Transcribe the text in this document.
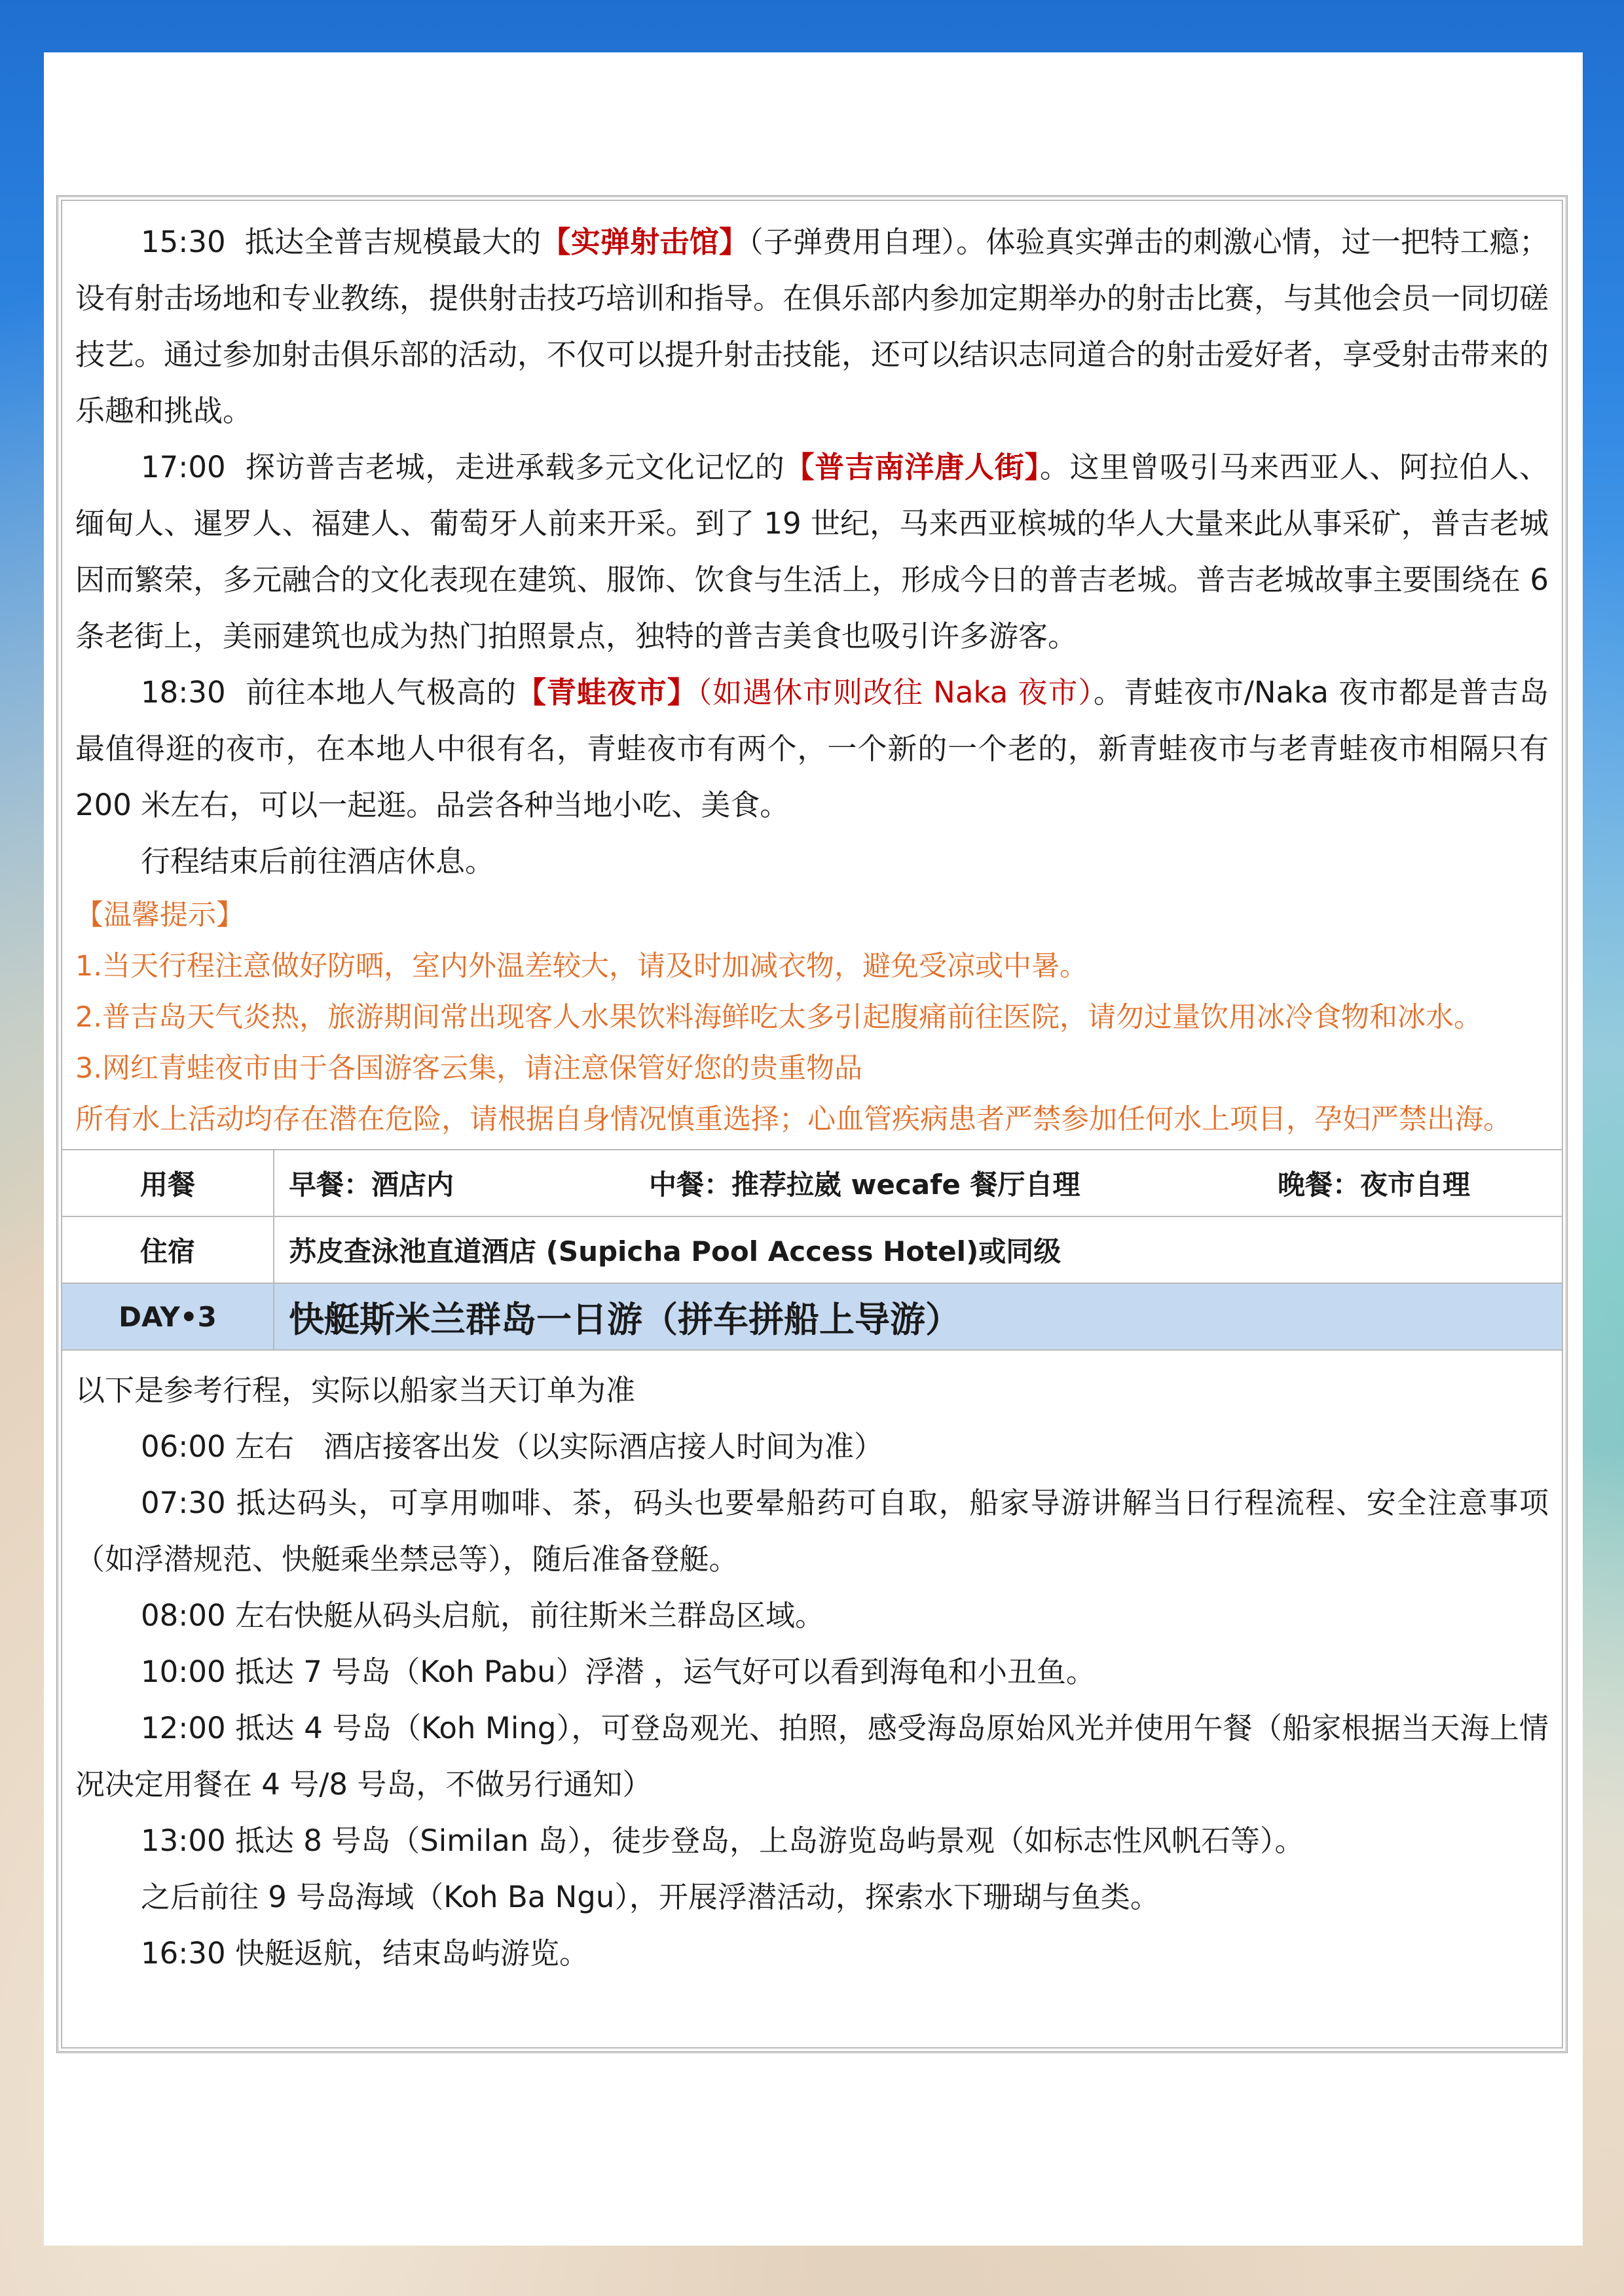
15:30 抵达全普吉规模最大的【实弹射击馆】（子弹费用自理）。体验真实弹击的刺激心情，过一把特工瘾；设有射击场地和专业教练，提供射击技巧培训和指导。在俱乐部内参加定期举办的射击比赛，与其他会员一同切磋技艺。通过参加射击俱乐部的活动，不仅可以提升射击技能，还可以结识志同道合的射击爱好者，享受射击带来的乐趣和挑战。

17:00 探访普吉老城，走进承载多元文化记忆的【普吉南洋唐人街】。这里曾吸引马来西亚人、阿拉伯人、缅甸人、暹罗人、福建人、葡萄牙人前来开采。到了 19 世纪，马来西亚槟城的华人大量来此从事采矿，普吉老城因而繁荣，多元融合的文化表现在建筑、服饰、饮食与生活上，形成今日的普吉老城。普吉老城故事主要围绕在 6 条老街上，美丽建筑也成为热门拍照景点，独特的普吉美食也吸引许多游客。

18:30 前往本地人气极高的【青蛙夜市】（如遇休市则改往 Naka 夜市）。青蛙夜市/Naka 夜市都是普吉岛最值得逛的夜市，在本地人中很有名，青蛙夜市有两个，一个新的一个老的，新青蛙夜市与老青蛙夜市相隔只有 200 米左右，可以一起逛。品尝各种当地小吃、美食。

行程结束后前往酒店休息。

【温馨提示】

1.当天行程注意做好防晒，室内外温差较大，请及时加减衣物，避免受凉或中暑。

2.普吉岛天气炎热，旅游期间常出现客人水果饮料海鲜吃太多引起腹痛前往医院，请勿过量饮用冰冷食物和冰水。

3.网红青蛙夜市由于各国游客云集，请注意保管好您的贵重物品

所有水上活动均存在潜在危险，请根据自身情况慎重选择；心血管疾病患者严禁参加任何水上项目，孕妇严禁出海。

用餐	早餐：酒店内 中餐：推荐拉崴 wecafe 餐厅自理 晚餐：夜市自理

住宿	苏皮查泳池直道酒店 (Supicha Pool Access Hotel)或同级
DAY•3	快艇斯米兰群岛一日游（拼车拼船上导游）

以下是参考行程，实际以船家当天订单为准

06:00 左右　酒店接客出发（以实际酒店接人时间为准）

07:30 抵达码头，可享用咖啡、茶，码头也要晕船药可自取，船家导游讲解当日行程流程、安全注意事项（如浮潜规范、快艇乘坐禁忌等），随后准备登艇。

08:00 左右快艇从码头启航，前往斯米兰群岛区域。

10:00 抵达 7 号岛（Koh Pabu）浮潜 ，运气好可以看到海龟和小丑鱼。

12:00 抵达 4 号岛（Koh Ming），可登岛观光、拍照，感受海岛原始风光并使用午餐（船家根据当天海上情况决定用餐在 4 号/8 号岛，不做另行通知）

13:00 抵达 8 号岛（Similan 岛），徒步登岛，上岛游览岛屿景观（如标志性风帆石等）。

之后前往 9 号岛海域（Koh Ba Ngu），开展浮潜活动，探索水下珊瑚与鱼类。

16:30 快艇返航，结束岛屿游览。
